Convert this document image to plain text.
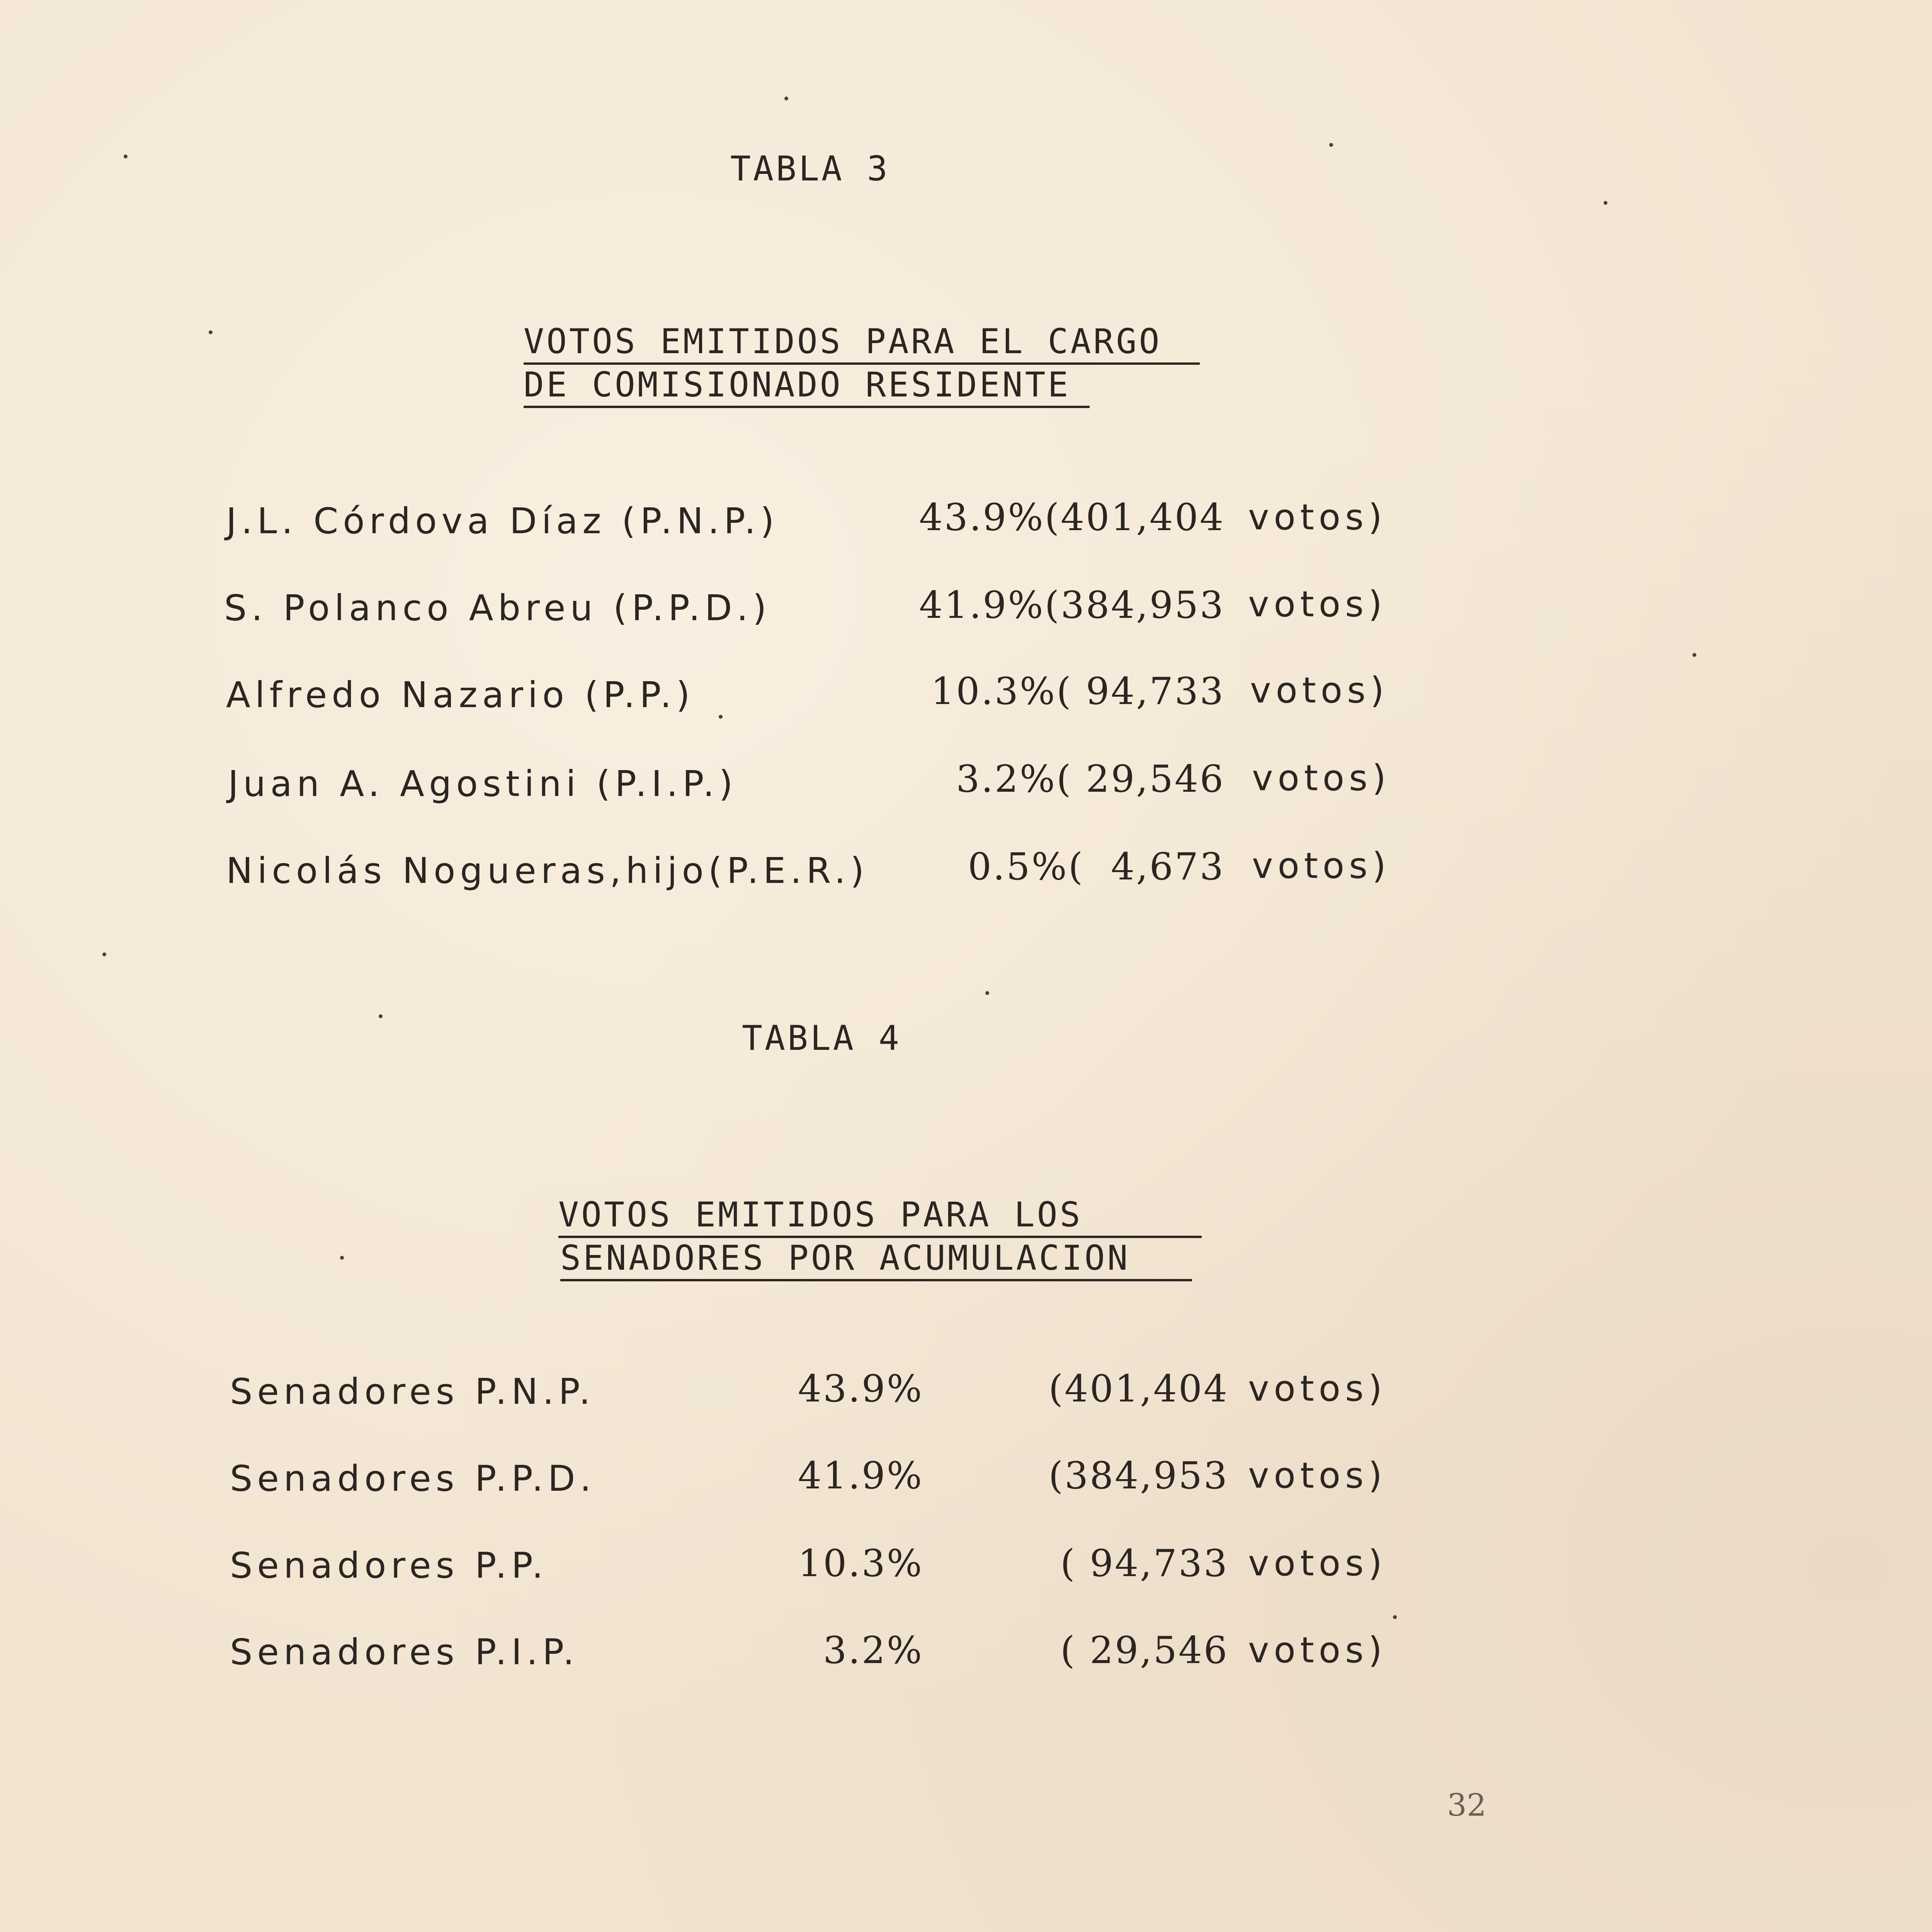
TABLA 3
VOTOS EMITIDOS PARA EL CARGO
DE COMISIONADO RESIDENTE
J.L. Córdova Díaz (P.N.P.)	43.9%(401,404 votos)
S. Polanco Abreu (P.P.D.)	41.9%(384,953 votos)
Alfredo Nazario (P.P.)	10.3%( 94,733 votos)
Juan A. Agostini (P.I.P.)	3.2%( 29,546 votos)
Nicolás Nogueras,hijo(P.E.R.)	0.5%(  4,673 votos)
TABLA 4
VOTOS EMITIDOS PARA LOS
SENADORES POR ACUMULACION
Senadores P.N.P.	43.9%	(401,404 votos)
Senadores P.P.D.	41.9%	(384,953 votos)
Senadores P.P.	10.3%	( 94,733 votos)
Senadores P.I.P.	3.2%	( 29,546 votos)
32
